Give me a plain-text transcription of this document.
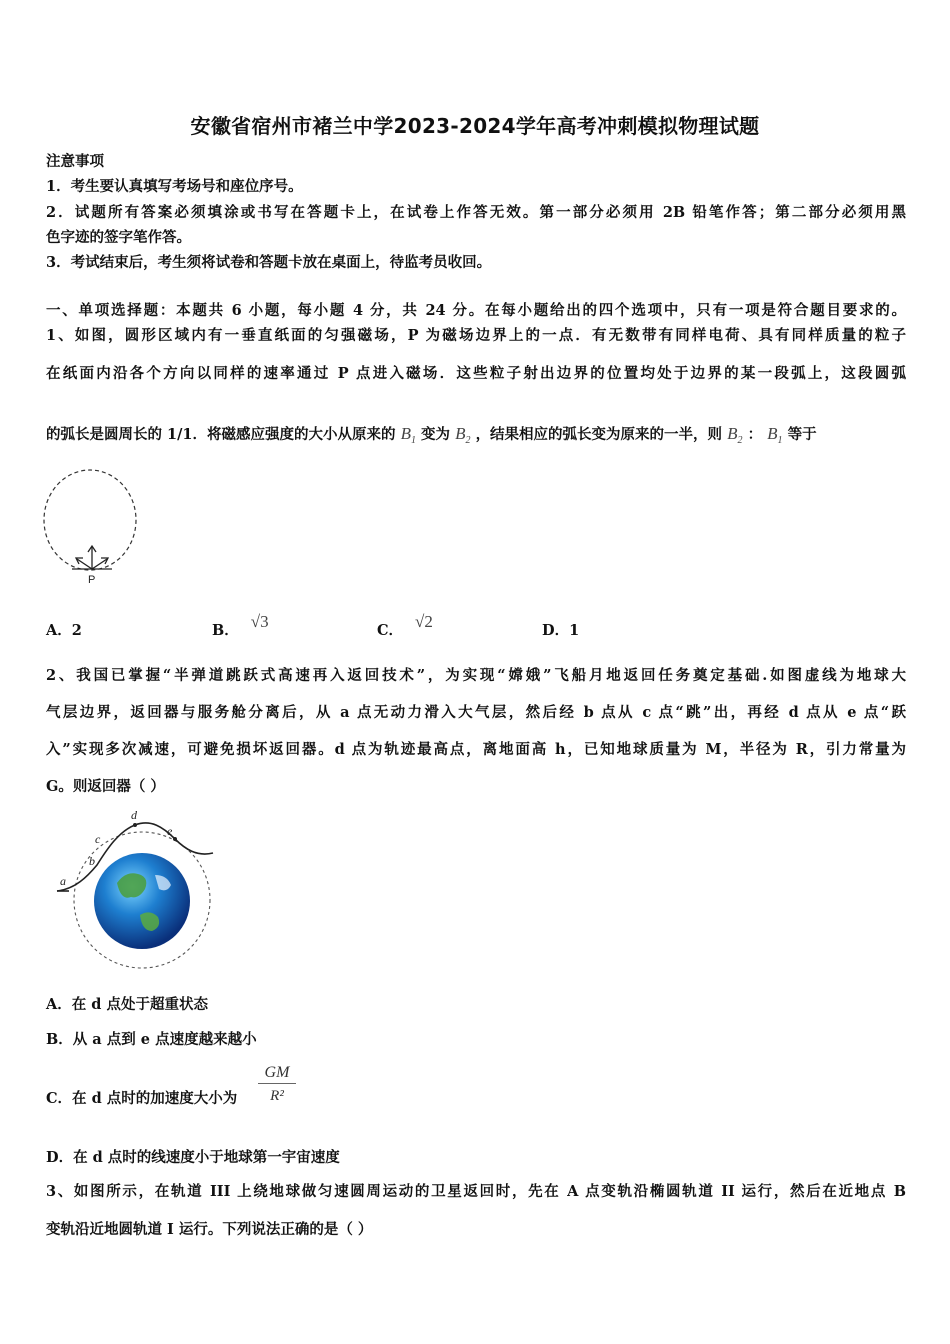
安徽省宿州市褚兰中学2023-2024学年高考冲刺模拟物理试题
注意事项
1．考生要认真填写考场号和座位序号。
2．试题所有答案必须填涂或书写在答题卡上，在试卷上作答无效。第一部分必须用 2B 铅笔作答；第二部分必须用黑
色字迹的签字笔作答。
3．考试结束后，考生须将试卷和答题卡放在桌面上，待监考员收回。
一、单项选择题：本题共 6 小题，每小题 4 分，共 24 分。在每小题给出的四个选项中，只有一项是符合题目要求的。
1、如图，圆形区域内有一垂直纸面的匀强磁场，P 为磁场边界上的一点．有无数带有同样电荷、具有同样质量的粒子
在纸面内沿各个方向以同样的速率通过 P 点进入磁场．这些粒子射出边界的位置均处于边界的某一段弧上，这段圆弧
的弧长是圆周长的 1/1．将磁感应强度的大小从原来的 $B_1$ 变为 $B_2$ ，结果相应的弧长变为原来的一半，则 $B_2$ ： $B_1$ 等于
P
A．2	B． √3	C． √2	D．1
2、我国已掌握“半弹道跳跃式高速再入返回技术”，为实现“嫦娥”飞船月地返回任务奠定基础.如图虚线为地球大
气层边界，返回器与服务舱分离后，从 a 点无动力滑入大气层，然后经 b 点从 c 点“跳”出，再经 d 点从 e 点“跃
入”实现多次减速，可避免损坏返回器。d 点为轨迹最高点，离地面高 h，已知地球质量为 M，半径为 R，引力常量为
G。则返回器（ ）
a
b
c
d
e
A．在 d 点处于超重状态
B．从 a 点到 e 点速度越来越小
C．在 d 点时的加速度大小为
GM
R²
D．在 d 点时的线速度小于地球第一宇宙速度
3、如图所示，在轨道 III 上绕地球做匀速圆周运动的卫星返回时，先在 A 点变轨沿椭圆轨道 II 运行，然后在近地点 B
变轨沿近地圆轨道 I 运行。下列说法正确的是（ ）
